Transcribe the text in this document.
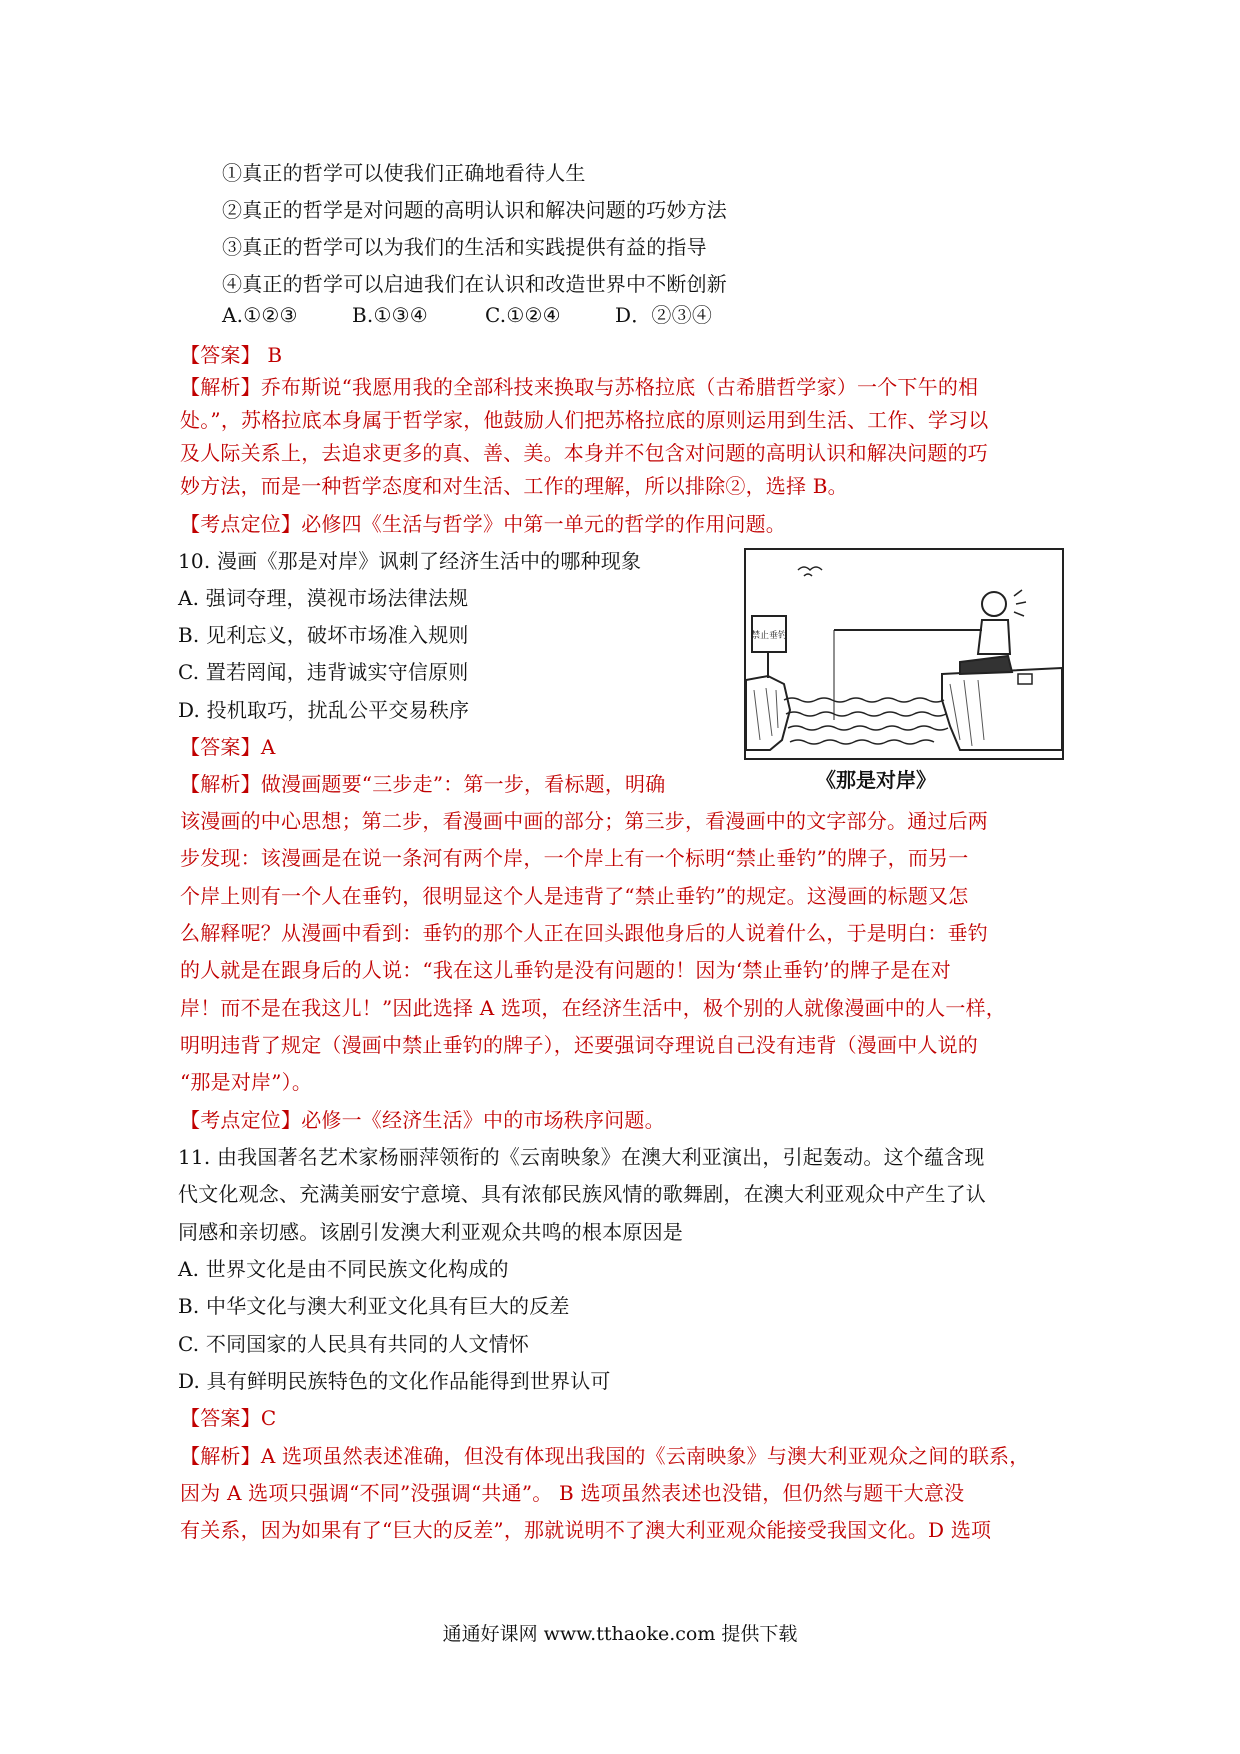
①真正的哲学可以使我们正确地看待人生
②真正的哲学是对问题的高明认识和解决问题的巧妙方法
③真正的哲学可以为我们的生活和实践提供有益的指导
④真正的哲学可以启迪我们在认识和改造世界中不断创新
A.①②③	B.①③④	C.①②④	D．②③④
【答案】 B
【解析】乔布斯说“我愿用我的全部科技来换取与苏格拉底（古希腊哲学家）一个下午的相
处。”，苏格拉底本身属于哲学家，他鼓励人们把苏格拉底的原则运用到生活、工作、学习以
及人际关系上，去追求更多的真、善、美。本身并不包含对问题的高明认识和解决问题的巧
妙方法，而是一种哲学态度和对生活、工作的理解，所以排除②，选择 B。
【考点定位】必修四《生活与哲学》中第一单元的哲学的作用问题。
10. 漫画《那是对岸》讽刺了经济生活中的哪种现象
A. 强词夺理，漠视市场法律法规
B. 见利忘义，破坏市场准入规则
C. 置若罔闻，违背诚实守信原则
D. 投机取巧，扰乱公平交易秩序
【答案】A
【解析】做漫画题要“三步走”：第一步，看标题，明确
该漫画的中心思想；第二步，看漫画中画的部分；第三步，看漫画中的文字部分。通过后两
步发现：该漫画是在说一条河有两个岸，一个岸上有一个标明“禁止垂钓”的牌子，而另一
个岸上则有一个人在垂钓，很明显这个人是违背了“禁止垂钓”的规定。这漫画的标题又怎
么解释呢？从漫画中看到：垂钓的那个人正在回头跟他身后的人说着什么，于是明白：垂钓
的人就是在跟身后的人说：“我在这儿垂钓是没有问题的！因为‘禁止垂钓’的牌子是在对
岸！而不是在我这儿！”因此选择 A 选项，在经济生活中，极个别的人就像漫画中的人一样，
明明违背了规定（漫画中禁止垂钓的牌子），还要强词夺理说自己没有违背（漫画中人说的
“那是对岸”）。
【考点定位】必修一《经济生活》中的市场秩序问题。
禁止垂钓
《那是对岸》
11. 由我国著名艺术家杨丽萍领衔的《云南映象》在澳大利亚演出，引起轰动。这个蕴含现
代文化观念、充满美丽安宁意境、具有浓郁民族风情的歌舞剧，在澳大利亚观众中产生了认
同感和亲切感。该剧引发澳大利亚观众共鸣的根本原因是
A. 世界文化是由不同民族文化构成的
B. 中华文化与澳大利亚文化具有巨大的反差
C. 不同国家的人民具有共同的人文情怀
D. 具有鲜明民族特色的文化作品能得到世界认可
【答案】C
【解析】A 选项虽然表述准确，但没有体现出我国的《云南映象》与澳大利亚观众之间的联系，
因为 A 选项只强调“不同”没强调“共通”。 B 选项虽然表述也没错，但仍然与题干大意没
有关系，因为如果有了“巨大的反差”，那就说明不了澳大利亚观众能接受我国文化。D 选项
通通好课网 www.tthaoke.com 提供下载
